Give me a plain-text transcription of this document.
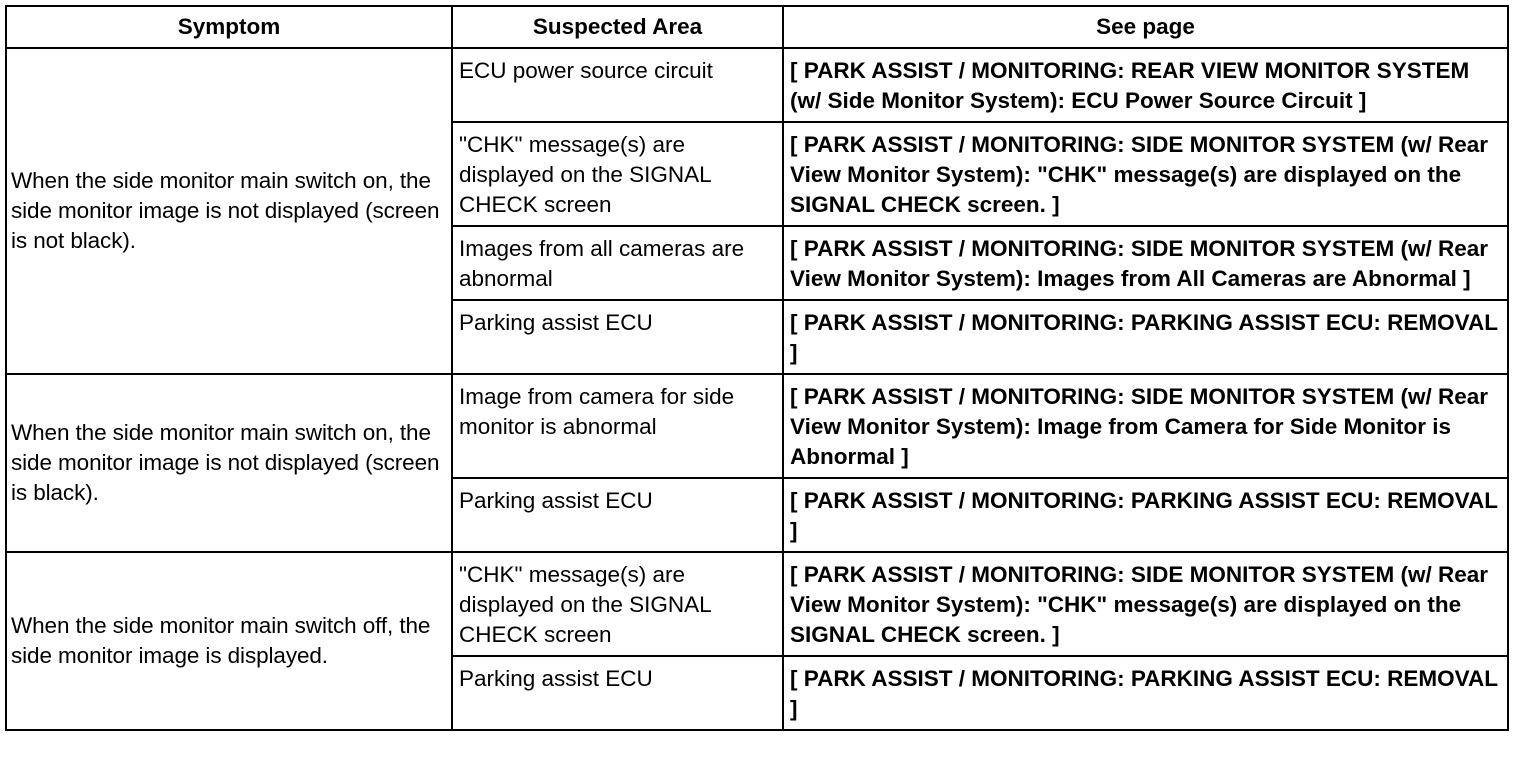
Symptom	Suspected Area	See page
When the side monitor main switch on, the side monitor image is not displayed (screen is not black).	ECU power source circuit	[ PARK ASSIST / MONITORING: REAR VIEW MONITOR SYSTEM (w/ Side Monitor System): ECU Power Source Circuit ]
	"CHK" message(s) are displayed on the SIGNAL CHECK screen	[ PARK ASSIST / MONITORING: SIDE MONITOR SYSTEM (w/ Rear View Monitor System): "CHK" message(s) are displayed on the SIGNAL CHECK screen. ]
	Images from all cameras are abnormal	[ PARK ASSIST / MONITORING: SIDE MONITOR SYSTEM (w/ Rear View Monitor System): Images from All Cameras are Abnormal ]
	Parking assist ECU	[ PARK ASSIST / MONITORING: PARKING ASSIST ECU: REMOVAL ]
When the side monitor main switch on, the side monitor image is not displayed (screen is black).	Image from camera for side monitor is abnormal	[ PARK ASSIST / MONITORING: SIDE MONITOR SYSTEM (w/ Rear View Monitor System): Image from Camera for Side Monitor is Abnormal ]
	Parking assist ECU	[ PARK ASSIST / MONITORING: PARKING ASSIST ECU: REMOVAL ]
When the side monitor main switch off, the side monitor image is displayed.	"CHK" message(s) are displayed on the SIGNAL CHECK screen	[ PARK ASSIST / MONITORING: SIDE MONITOR SYSTEM (w/ Rear View Monitor System): "CHK" message(s) are displayed on the SIGNAL CHECK screen. ]
	Parking assist ECU	[ PARK ASSIST / MONITORING: PARKING ASSIST ECU: REMOVAL ]
